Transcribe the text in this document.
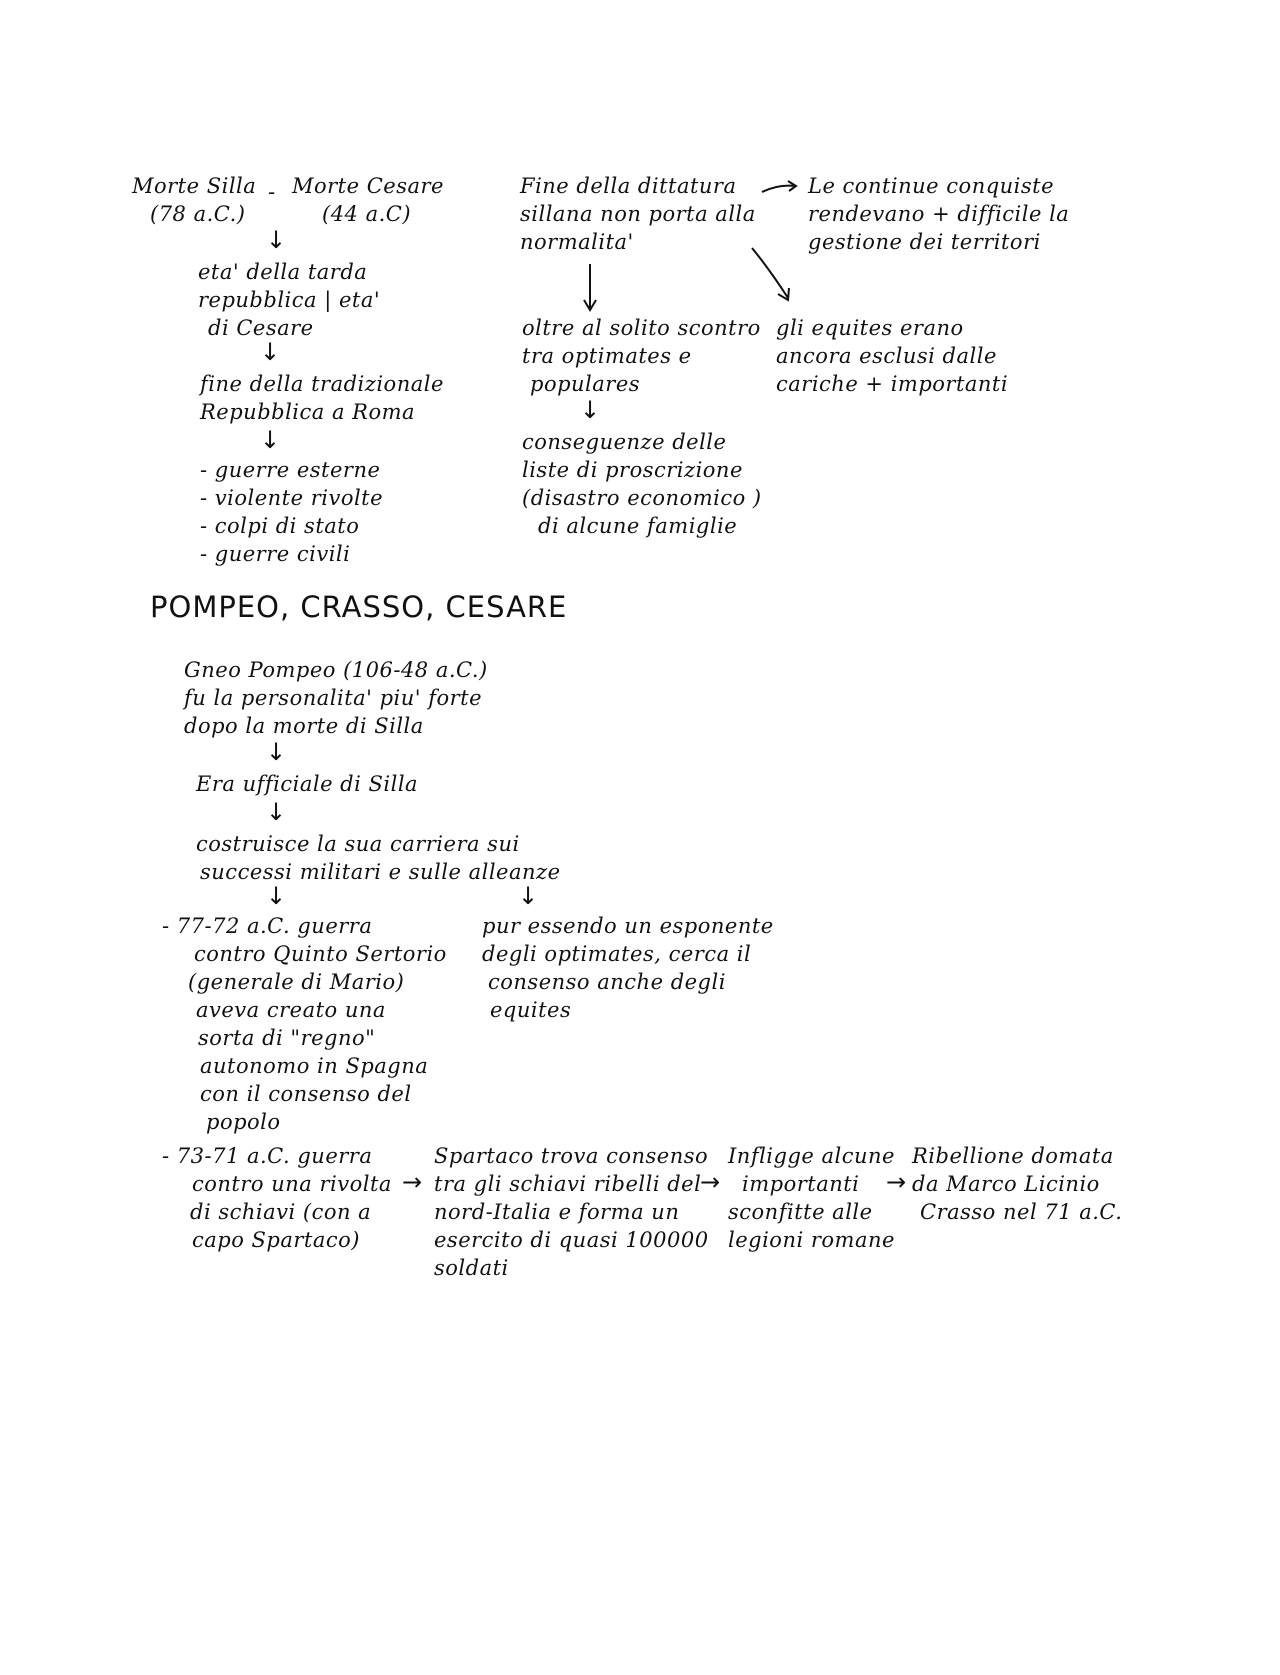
Morte Silla
(78 a.C.)
- Morte Cesare
(44 a.C)
↓
eta' della tarda
repubblica | eta'
di Cesare
↓
fine della tradizionale
Repubblica a Roma
↓
- guerre esterne
- violente rivolte
- colpi di stato
- guerre civili
Fine della dittatura
sillana non porta alla
normalita'
Le continue conquiste
rendevano + difficile la
gestione dei territori
oltre al solito scontro
tra optimates e
populares
gli equites erano
ancora esclusi dalle
cariche + importanti
↓
conseguenze delle
liste di proscrizione
(disastro economico )
di alcune famiglie
POMPEO, CRASSO, CESARE
Gneo Pompeo (106-48 a.C.)
fu la personalita' piu' forte
dopo la morte di Silla
↓
Era ufficiale di Silla
↓
costruisce la sua carriera sui
successi militari e sulle alleanze
↓	↓
- 77-72 a.C. guerra
contro Quinto Sertorio
(generale di Mario)
aveva creato una
sorta di "regno"
autonomo in Spagna
con il consenso del
popolo
pur essendo un esponente
degli optimates, cerca il
consenso anche degli
equites
- 73-71 a.C. guerra
contro una rivolta
di schiavi (con a
capo Spartaco)
→
Spartaco trova consenso
tra gli schiavi ribelli del
nord-Italia e forma un
esercito di quasi 100000
soldati
→
Infligge alcune
importanti
sconfitte alle
legioni romane
→
Ribellione domata
da Marco Licinio
Crasso nel 71 a.C.
